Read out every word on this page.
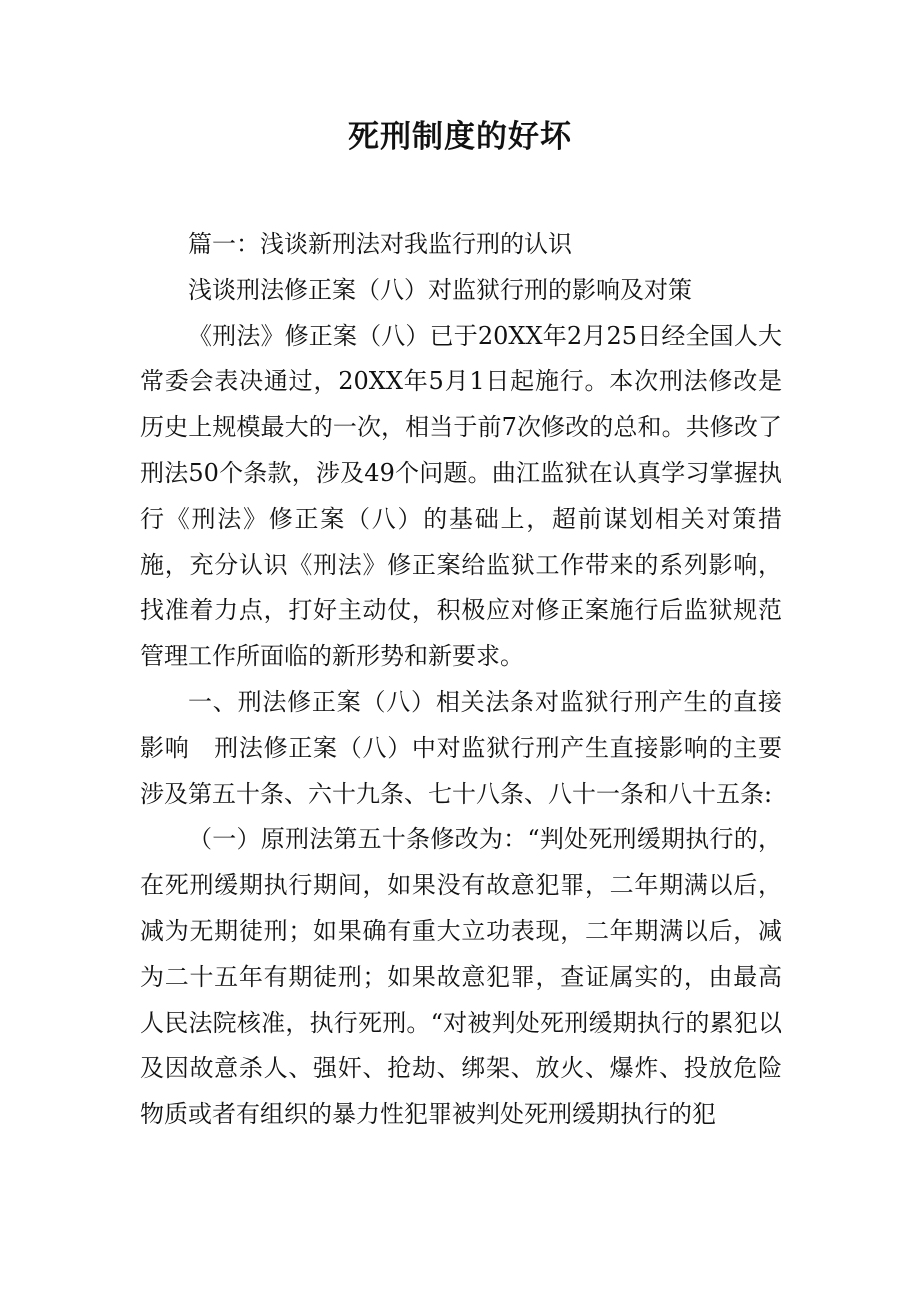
死刑制度的好坏

篇一：浅谈新刑法对我监行刑的认识

浅谈刑法修正案（八）对监狱行刑的影响及对策

《刑法》修正案（八）已于20XX年2月25日经全国人大常委会表决通过，20XX年5月1日起施行。本次刑法修改是历史上规模最大的一次，相当于前7次修改的总和。共修改了刑法50个条款，涉及49个问题。曲江监狱在认真学习掌握执行《刑法》修正案（八）的基础上，超前谋划相关对策措施，充分认识《刑法》修正案给监狱工作带来的系列影响，找准着力点，打好主动仗，积极应对修正案施行后监狱规范管理工作所面临的新形势和新要求。

一、刑法修正案（八）相关法条对监狱行刑产生的直接影响　刑法修正案（八）中对监狱行刑产生直接影响的主要涉及第五十条、六十九条、七十八条、八十一条和八十五条:

（一）原刑法第五十条修改为：“判处死刑缓期执行的，在死刑缓期执行期间，如果没有故意犯罪，二年期满以后，减为无期徒刑；如果确有重大立功表现，二年期满以后，减为二十五年有期徒刑；如果故意犯罪，查证属实的，由最高人民法院核准，执行死刑。“对被判处死刑缓期执行的累犯以及因故意杀人、强奸、抢劫、绑架、放火、爆炸、投放危险物质或者有组织的暴力性犯罪被判处死刑缓期执行的犯
